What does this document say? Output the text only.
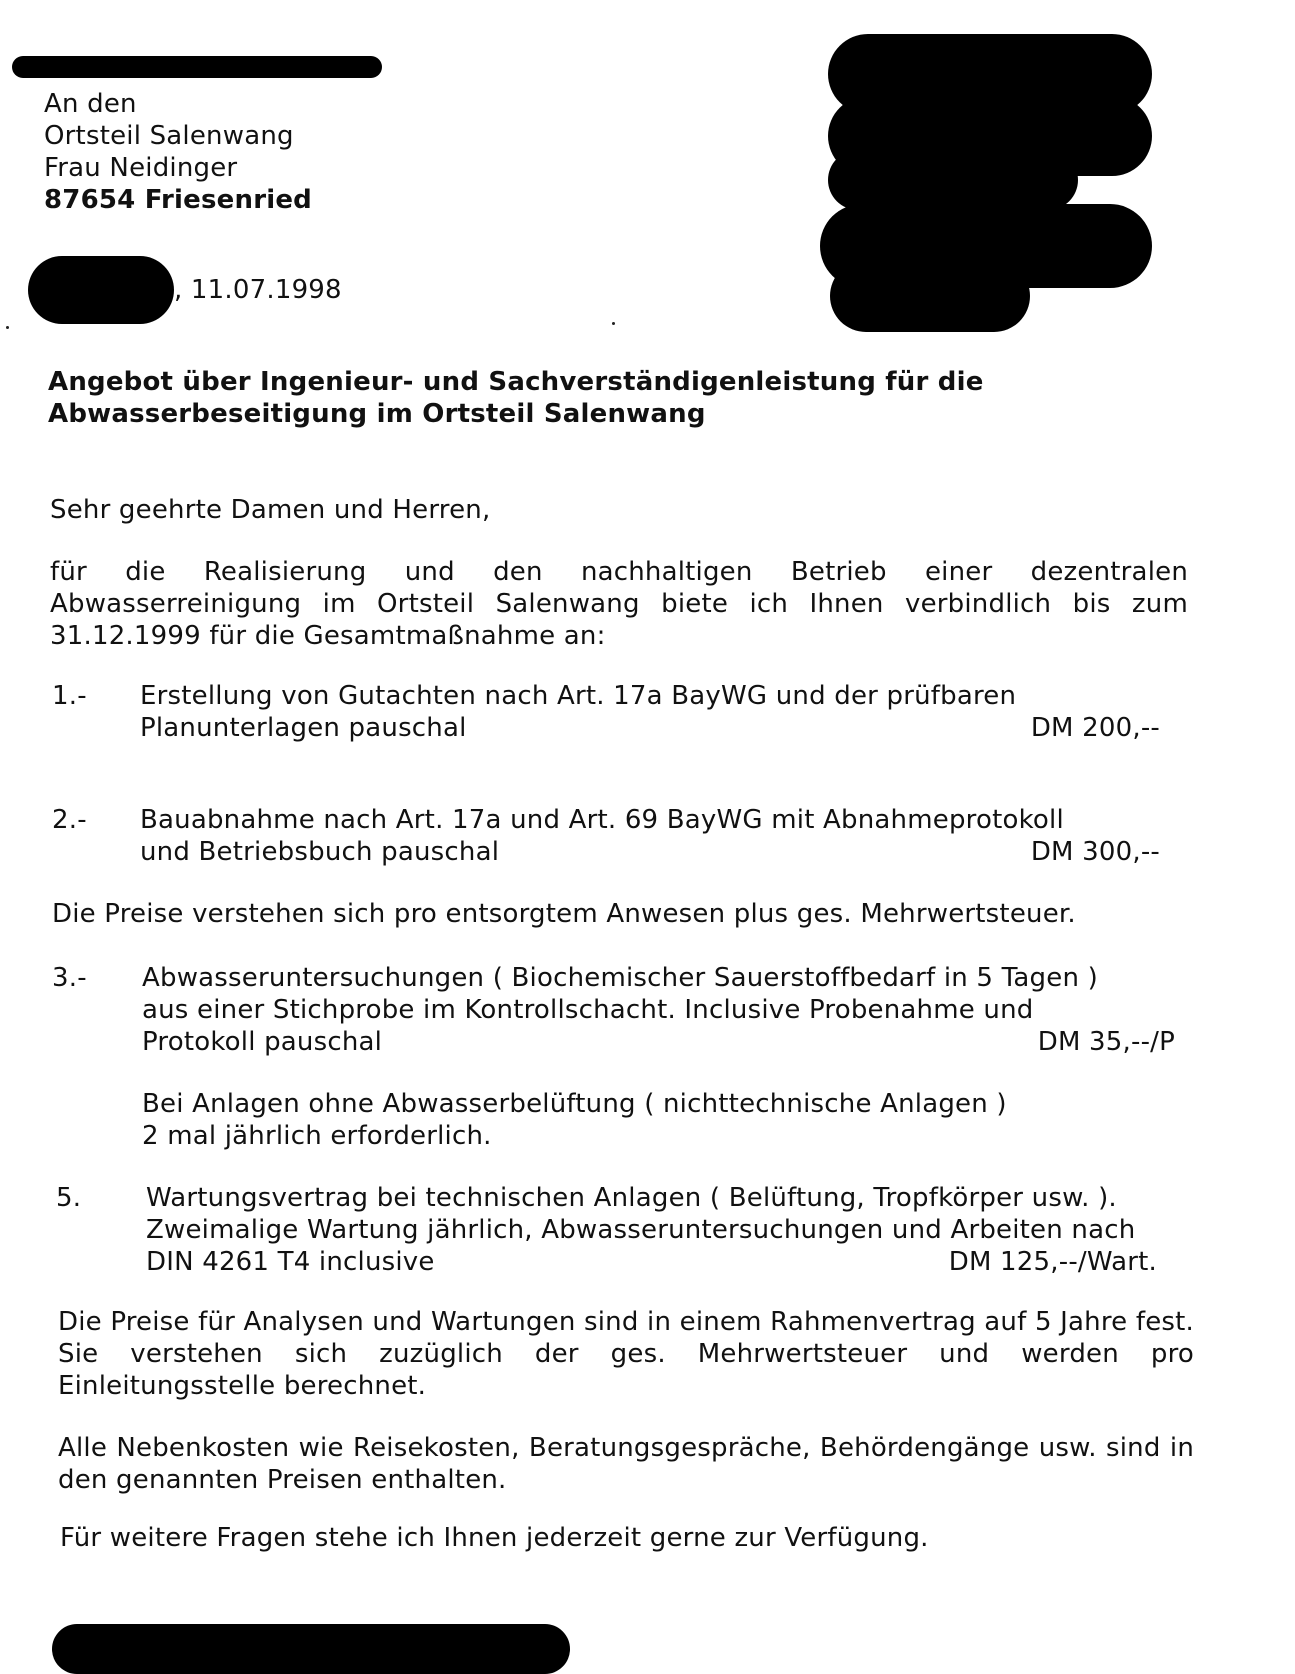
An den
Ortsteil Salenwang
Frau Neidinger
87654 Friesenried
, 11.07.1998
Angebot über Ingenieur- und Sachverständigenleistung für die
Abwasserbeseitigung im Ortsteil Salenwang
Sehr geehrte Damen und Herren,
für die Realisierung und den nachhaltigen Betrieb einer dezentralen Abwasserreinigung im Ortsteil Salenwang biete ich Ihnen verbindlich bis zum 31.12.1999 für die Gesamtmaßnahme an:
1.- Erstellung von Gutachten nach Art. 17a BayWG und der prüfbaren
Planunterlagen pauschal	DM 200,--
2.- Bauabnahme nach Art. 17a und Art. 69 BayWG mit Abnahmeprotokoll
und Betriebsbuch pauschal	DM 300,--
Die Preise verstehen sich pro entsorgtem Anwesen plus ges. Mehrwertsteuer.
3.- Abwasseruntersuchungen ( Biochemischer Sauerstoffbedarf in 5 Tagen )
aus einer Stichprobe im Kontrollschacht. Inclusive Probenahme und
Protokoll pauschal	DM 35,--/P
Bei Anlagen ohne Abwasserbelüftung ( nichttechnische Anlagen )
2 mal jährlich erforderlich.
5. Wartungsvertrag bei technischen Anlagen ( Belüftung, Tropfkörper usw. ).
Zweimalige Wartung jährlich, Abwasseruntersuchungen und Arbeiten nach
DIN 4261 T4 inclusive	DM 125,--/Wart.
Die Preise für Analysen und Wartungen sind in einem Rahmenvertrag auf 5 Jahre fest. Sie verstehen sich zuzüglich der ges. Mehrwertsteuer und werden pro Einleitungsstelle berechnet.
Alle Nebenkosten wie Reisekosten, Beratungsgespräche, Behördengänge usw. sind in den genannten Preisen enthalten.
Für weitere Fragen stehe ich Ihnen jederzeit gerne zur Verfügung.
